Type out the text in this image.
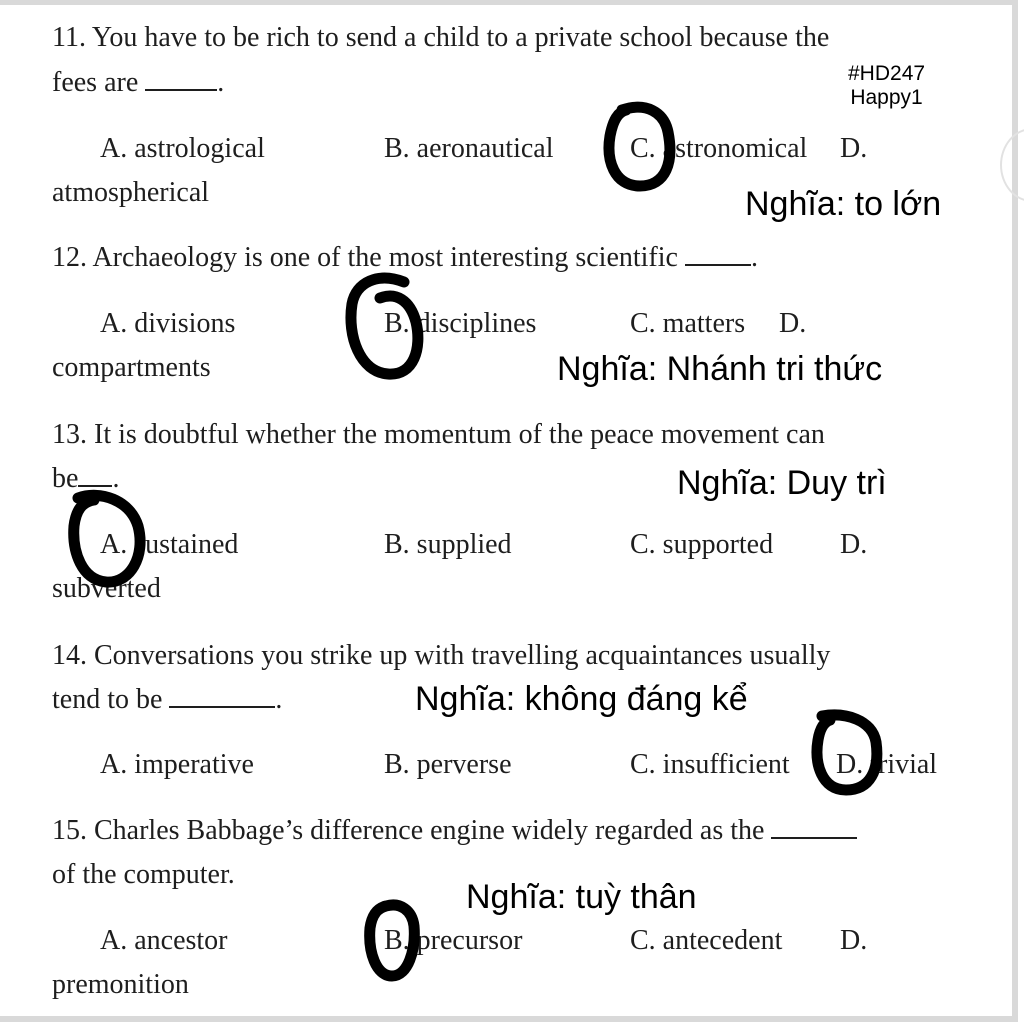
#HD247
Happy1
11. You have to be rich to send a child to a private school because the
fees are	.
A. astrological	B. aeronautical	C. astronomical D.
atmospherical	Nghĩa: to lớn
12. Archaeology is one of the most interesting scientific	.
A. divisions	B. disciplines	C. matters D.
compartments	Nghĩa: Nhánh tri thức
13. It is doubtful whether the momentum of the peace movement can
be .	Nghĩa: Duy trì
A. sustained	B. supplied	C. supported D.
subverted
14. Conversations you strike up with travelling acquaintances usually
tend to be	.	Nghĩa: không đáng kể
A. imperative	B. perverse	C. insufficient D. trivial
15. Charles Babbage’s difference engine widely regarded as the
of the computer.
Nghĩa: tuỳ thân
A. ancestor	B. precursor	C. antecedent D.
premonition
